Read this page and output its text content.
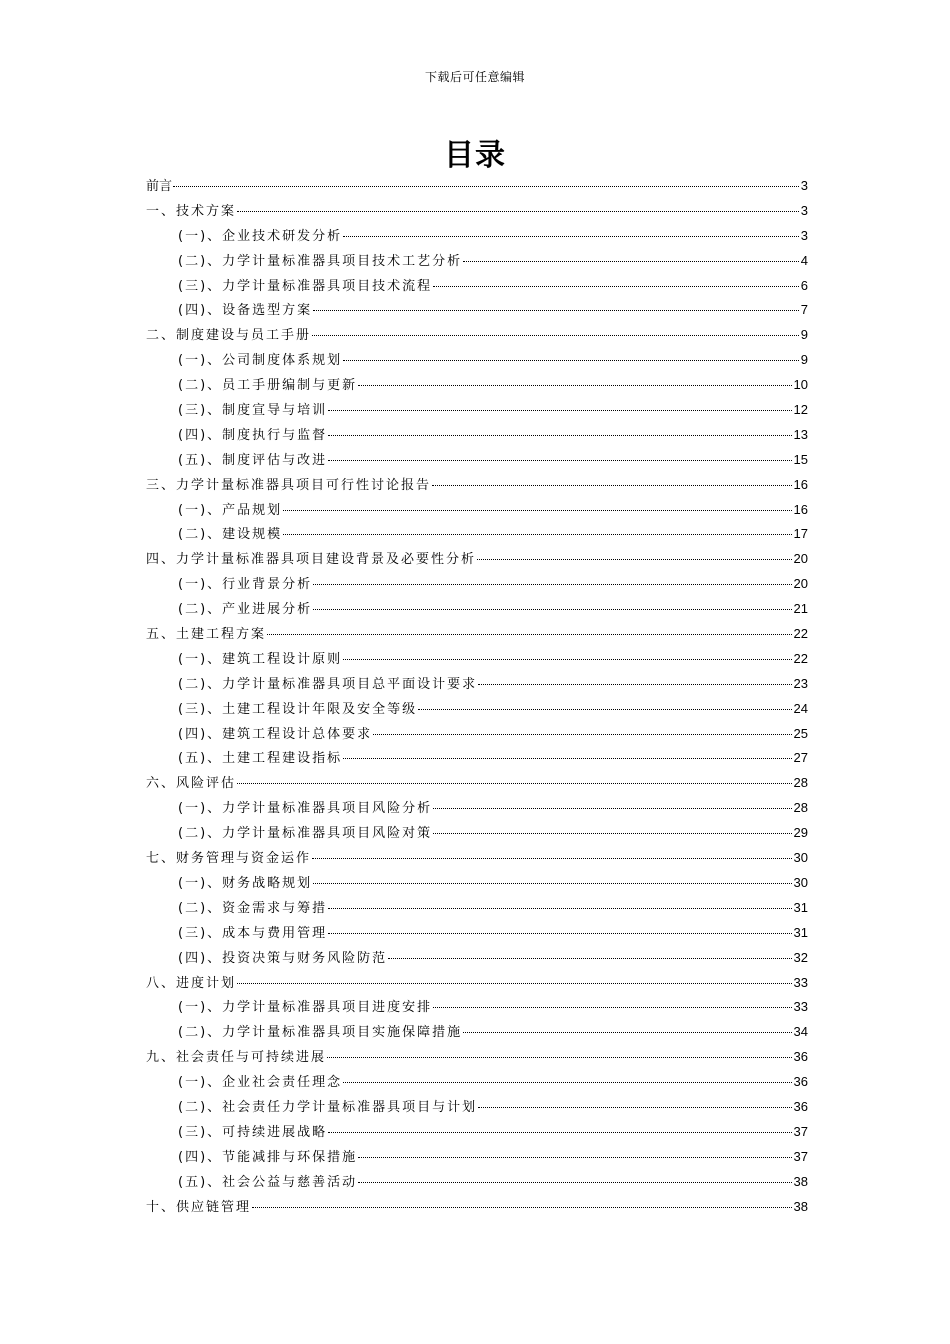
下载后可任意编辑
目录
前言	3
一、技术方案	3
(一)、企业技术研发分析	3
(二)、力学计量标准器具项目技术工艺分析	4
(三)、力学计量标准器具项目技术流程	6
(四)、设备选型方案	7
二、制度建设与员工手册	9
(一)、公司制度体系规划	9
(二)、员工手册编制与更新	10
(三)、制度宣导与培训	12
(四)、制度执行与监督	13
(五)、制度评估与改进	15
三、力学计量标准器具项目可行性讨论报告	16
(一)、产品规划	16
(二)、建设规模	17
四、力学计量标准器具项目建设背景及必要性分析	20
(一)、行业背景分析	20
(二)、产业进展分析	21
五、土建工程方案	22
(一)、建筑工程设计原则	22
(二)、力学计量标准器具项目总平面设计要求	23
(三)、土建工程设计年限及安全等级	24
(四)、建筑工程设计总体要求	25
(五)、土建工程建设指标	27
六、风险评估	28
(一)、力学计量标准器具项目风险分析	28
(二)、力学计量标准器具项目风险对策	29
七、财务管理与资金运作	30
(一)、财务战略规划	30
(二)、资金需求与筹措	31
(三)、成本与费用管理	31
(四)、投资决策与财务风险防范	32
八、进度计划	33
(一)、力学计量标准器具项目进度安排	33
(二)、力学计量标准器具项目实施保障措施	34
九、社会责任与可持续进展	36
(一)、企业社会责任理念	36
(二)、社会责任力学计量标准器具项目与计划	36
(三)、可持续进展战略	37
(四)、节能减排与环保措施	37
(五)、社会公益与慈善活动	38
十、供应链管理	38
